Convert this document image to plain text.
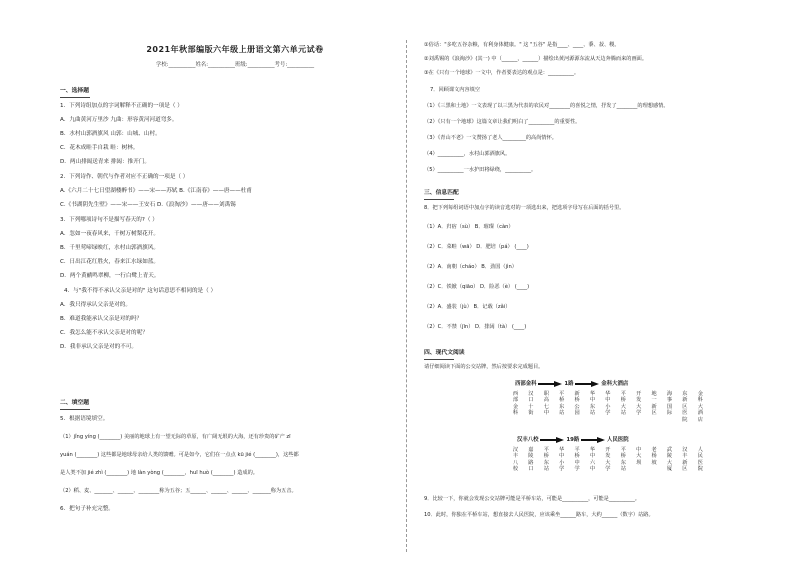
2021年秋部编版六年级上册语文第六单元试卷
学校:__________姓名:__________班级:__________考号:__________
一、选择题
1．下列诗组加点的字词解释不正确的一项是（ ）
A．九曲黄河万里沙 九曲：形容黄河河道弯多。
B．水村山郭酒旗风 山郭：山城、山村。
C．花木成畦手自栽 畦：树林。
D．两山排闼送青来 排闼：推开门。
2．下列诗作、朝代与作者对应不正确的一项是（ ）
A.《六月二十七日望湖楼醉书》——宋——苏轼 B.《江南春》——唐——杜甫
C.《书湖阴先生壁》——宋——王安石 D.《浪淘沙》——唐——刘禹锡
3．下列哪项诗句不是描写春天的?（ ）
A．忽如一夜春风来，千树万树梨花开。
B．千里莺啼绿映红，水村山郭酒旗风。
C．日出江花红胜火，春来江水绿如蓝。
D．两个黄鹂鸣翠柳，一行白鹭上青天。
4．与"我不得不承认父亲是对的" 这句话意思不相同的是（ ）
A．我只得承认父亲是对的。
B．难道我能承认父亲是对的吗？
C．我怎么能不承认父亲是对的呢？
D．我非承认父亲是对的不可。
二、填空题
5．根据语境填空。
（1）jǐng yíng (________) 美丽的地球上有一望无际的草原，有广阔无垠的大海，还有珍贵的矿产 zī
yuán (________) 这些都是地球母亲给人类的馈赠。可是如今，它们在一点点 kū jié (________)，这些都
是人类不加 jié zhì (________) 地 làn yòng (________，huī huò (________) 造成的。
（2）稻、麦、_______、______、________称为五谷；五______、______、______、_______称为五音。
6．把句子补充完整。
①俗话："多吃五谷杂粮，有利身体健康。" 这 "五谷" 是指____、____、黍、菽、稷。
②刘禹锡的《浪淘沙》(其一) 中（______，______）描绘出黄河源源东流从天边奔腾而来的画面。
③在《只有一个地球》一文中，作者要表达的观点是：__________。
7．回顾课文内容填空
（1）《三黑和土地》一文表现了以三黑为代表的农民对________的喜悦之情，抒发了________的理想感情。
（2）《只有一个地球》这篇文章让我们明白了__________的重要性。
（3）《青山不老》一文赞扬了老人_________的高尚情怀。
（4）__________，水村山郭酒旗风。
（5）__________一水护田将绿绕，__________。
三、信息匹配
8．把下列每组词语中加点字的读音选对的一项选出来，把选项字母写在后面的括号里。
（1）A．归宿（sù） B．璀璨（càn）
（2）C．菜畦（wā） D．肥培（pá） (____)
（2）A．南朝（cháo） B．劲国（jìn）
（2）C．铁锨（qiāo） D．险恶（è） (____)
（2）A．盛装（jù） B．记载（zǎi）
（2）C．不禁（jīn） D．排闼（tà） (____)
四、现代文阅读
请仔细阅读下面的公交站牌，然后按要求完成题目。
西部金科	1路	金科大酒店
西部金科
汉口十街
职高七中
平桥东站
新桥公园
华中东站
华中小学
平桥大站
开发大学
地一新区
海事国际
东新区医院
金科大酒店
汉丰八校	19路	人民医院
汉丰八校
嘉陵路口
平桥东站
华中小学
平桥中学
华中六中
开发大学
平桥东站
中大坝
老杨坡
武陵大厦
汉丰新区
人民医院
9．比较一下，你就会发现公交站牌可能是平桥车站，可能是__________，可能是__________。
10．此时，你独在平桥车站，想直接去人民医院，应该乘坐______路车，大约______（数字）站路。
